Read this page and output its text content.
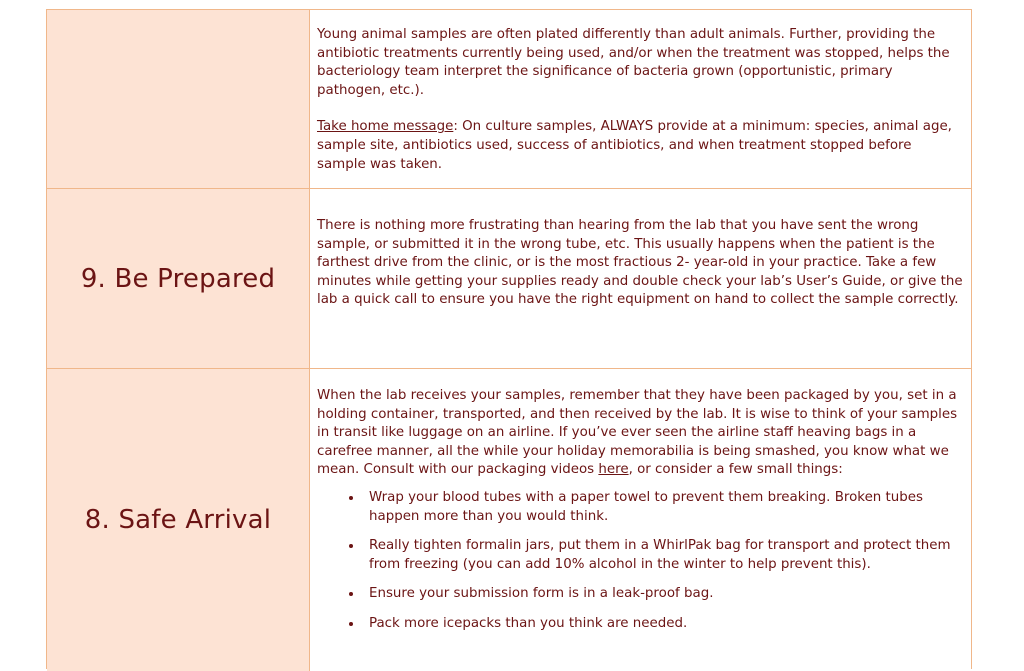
Young animal samples are often plated differently than adult animals. Further, providing the antibiotic treatments currently being used, and/or when the treatment was stopped, helps the bacteriology team interpret the significance of bacteria grown (opportunistic, primary pathogen, etc.).

Take home message: On culture samples, ALWAYS provide at a minimum: species, animal age, sample site, antibiotics used, success of antibiotics, and when treatment stopped before sample was taken.

9. Be Prepared

There is nothing more frustrating than hearing from the lab that you have sent the wrong sample, or submitted it in the wrong tube, etc. This usually happens when the patient is the farthest drive from the clinic, or is the most fractious 2- year-old in your practice. Take a few minutes while getting your supplies ready and double check your lab’s User’s Guide, or give the lab a quick call to ensure you have the right equipment on hand to collect the sample correctly.

8. Safe Arrival

When the lab receives your samples, remember that they have been packaged by you, set in a holding container, transported, and then received by the lab. It is wise to think of your samples in transit like luggage on an airline. If you’ve ever seen the airline staff heaving bags in a carefree manner, all the while your holiday memorabilia is being smashed, you know what we mean. Consult with our packaging videos here, or consider a few small things:

• Wrap your blood tubes with a paper towel to prevent them breaking. Broken tubes happen more than you would think.
• Really tighten formalin jars, put them in a WhirlPak bag for transport and protect them from freezing (you can add 10% alcohol in the winter to help prevent this).
• Ensure your submission form is in a leak-proof bag.
• Pack more icepacks than you think are needed.
